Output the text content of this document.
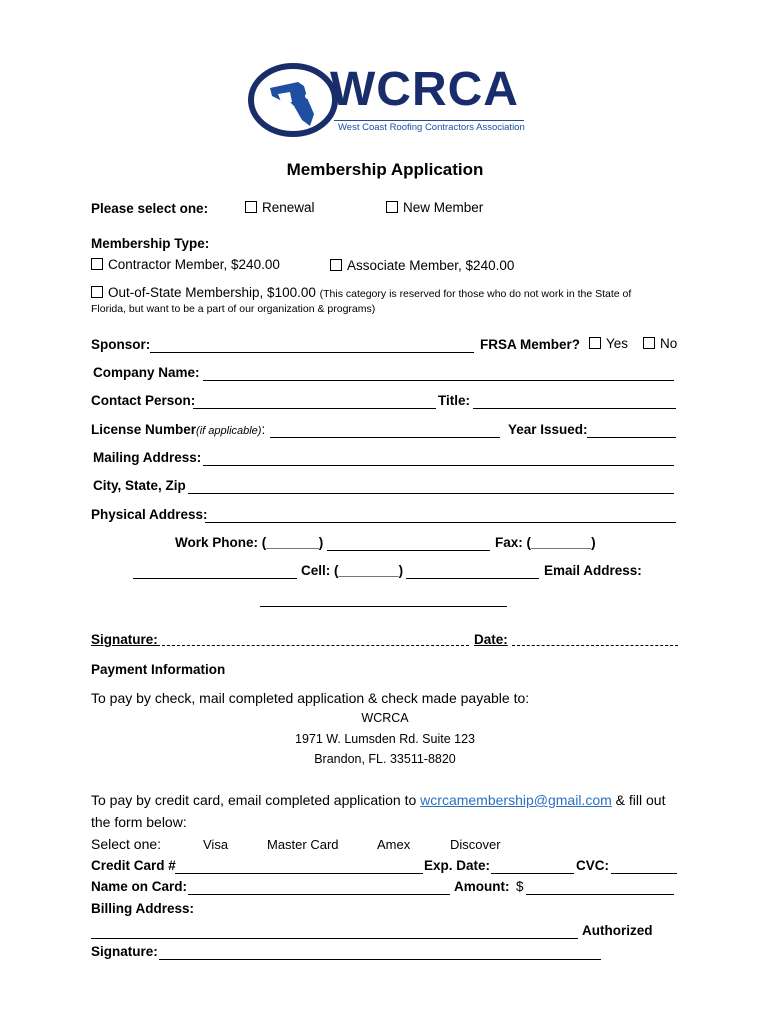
WCRCA
West Coast Roofing Contractors Association
Membership Application
Please select one:	Renewal	New Member
Membership Type:
Contractor Member, $240.00	Associate Member, $240.00
Out-of-State Membership, $100.00 (This category is reserved for those who do not work in the State of
Florida, but want to be a part of our organization & programs)
Sponsor:	FRSA Member?	Yes	No
Company Name:
Contact Person:	Title:
License Number(if applicable):	Year Issued:
Mailing Address:
City, State, Zip
Physical Address:
Work Phone: (_______)	Fax: (________)
Cell: (________)	Email Address:
Signature:	Date:
Payment Information
To pay by check, mail completed application & check made payable to:
WCRCA
1971 W. Lumsden Rd. Suite 123
Brandon, FL. 33511-8820
To pay by credit card, email completed application to wcrcamembership@gmail.com & fill out
the form below:
Select one:	Visa	Master Card	Amex	Discover
Credit Card #	Exp. Date:	CVC:
Name on Card:	Amount: $
Billing Address:
Authorized
Signature:
